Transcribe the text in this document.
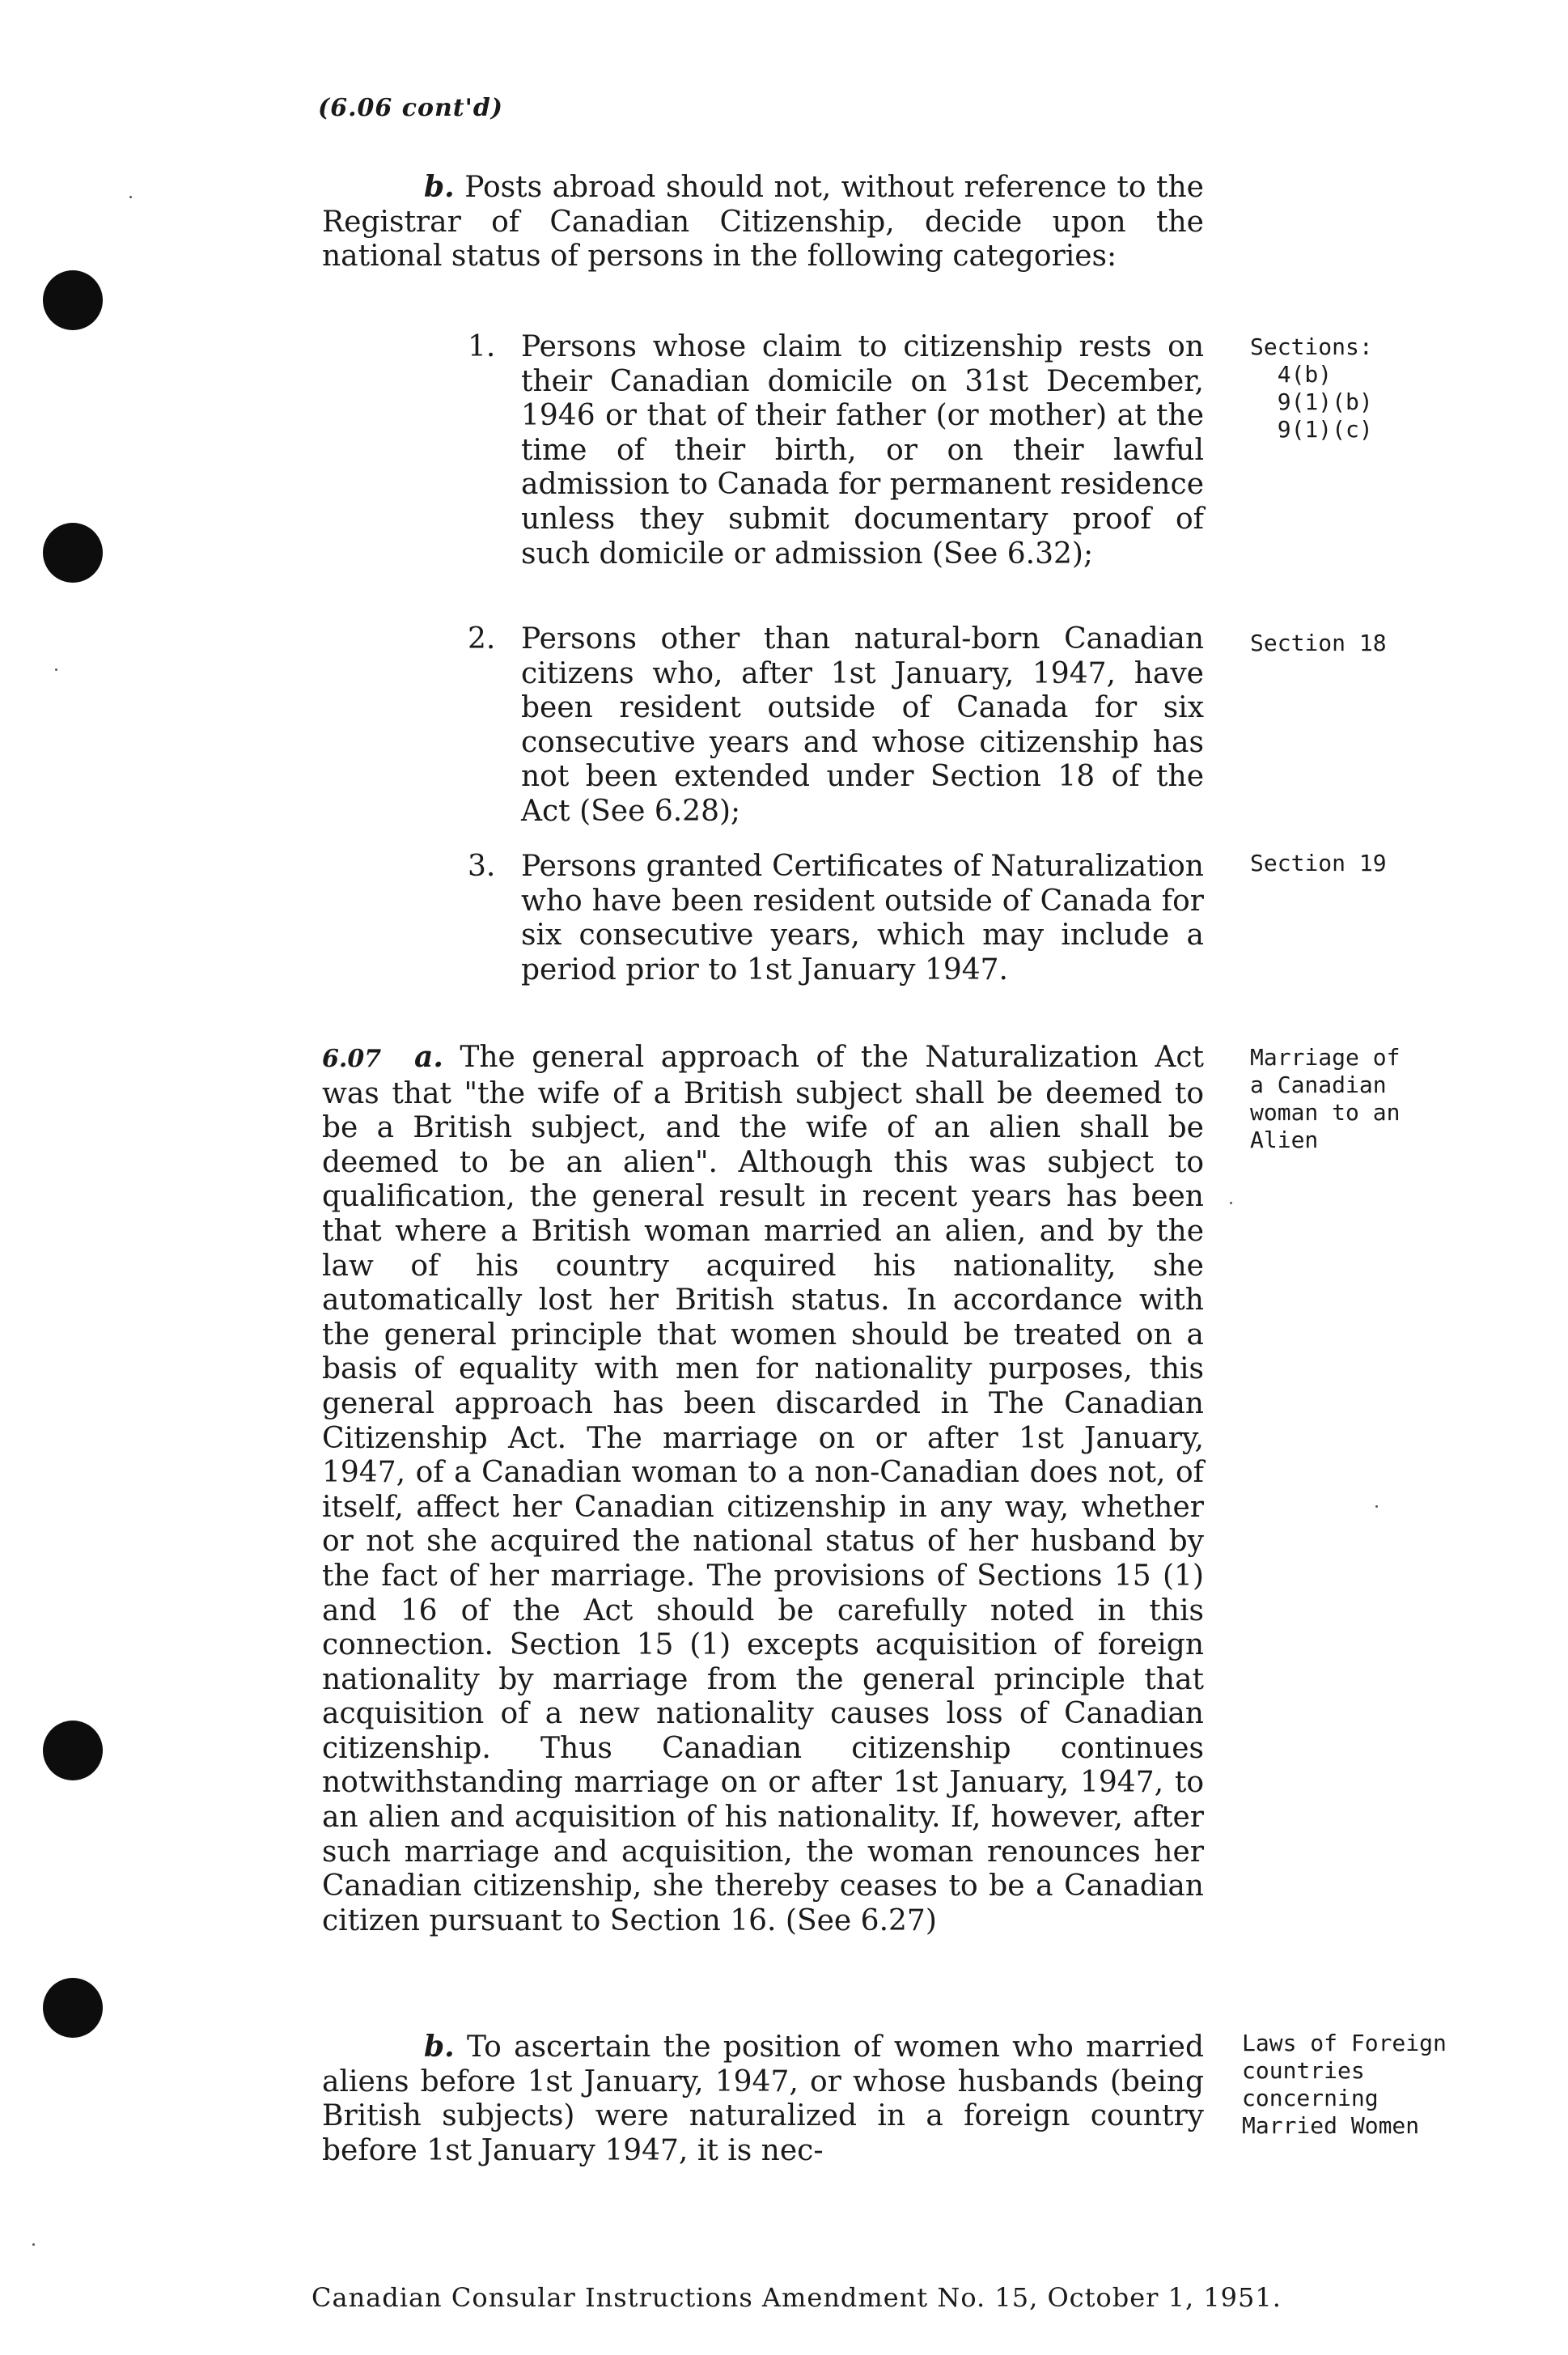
(6.06 cont'd)
b. Posts abroad should not, without reference to the Registrar of Canadian Citizenship, decide upon the national status of persons in the following categories:
1. Persons whose claim to citizenship rests on their Canadian domicile on 31st December, 1946 or that of their father (or mother) at the time of their birth, or on their lawful admission to Canada for permanent residence unless they submit documentary proof of such domicile or admission (See 6.32);
2. Persons other than natural-born Canadian citizens who, after 1st January, 1947, have been resident outside of Canada for six consecutive years and whose citizenship has not been extended under Section 18 of the Act (See 6.28);
3. Persons granted Certificates of Naturalization who have been resident outside of Canada for six consecutive years, which may include a period prior to 1st January 1947.
6.07 a. The general approach of the Naturalization Act was that "the wife of a British subject shall be deemed to be a British subject, and the wife of an alien shall be deemed to be an alien". Although this was subject to qualification, the general result in recent years has been that where a British woman married an alien, and by the law of his country acquired his nationality, she automatically lost her British status. In accordance with the general principle that women should be treated on a basis of equality with men for nationality purposes, this general approach has been discarded in The Canadian Citizenship Act. The marriage on or after 1st January, 1947, of a Canadian woman to a non-Canadian does not, of itself, affect her Canadian citizenship in any way, whether or not she acquired the national status of her husband by the fact of her marriage. The provisions of Sections 15 (1) and 16 of the Act should be carefully noted in this connection. Section 15 (1) excepts acquisition of foreign nationality by marriage from the general principle that acquisition of a new nationality causes loss of Canadian citizenship. Thus Canadian citizenship continues notwithstanding marriage on or after 1st January, 1947, to an alien and acquisition of his nationality. If, however, after such marriage and acquisition, the woman renounces her Canadian citizenship, she thereby ceases to be a Canadian citizen pursuant to Section 16. (See 6.27)
b. To ascertain the position of women who married aliens before 1st January, 1947, or whose husbands (being British subjects) were naturalized in a foreign country before 1st January 1947, it is nec-
Sections:
4(b)
9(1)(b)
9(1)(c)
Section 18
Section 19
Marriage of
a Canadian
woman to an
Alien
Laws of Foreign
countries
concerning
Married Women
Canadian Consular Instructions Amendment No. 15, October 1, 1951.
